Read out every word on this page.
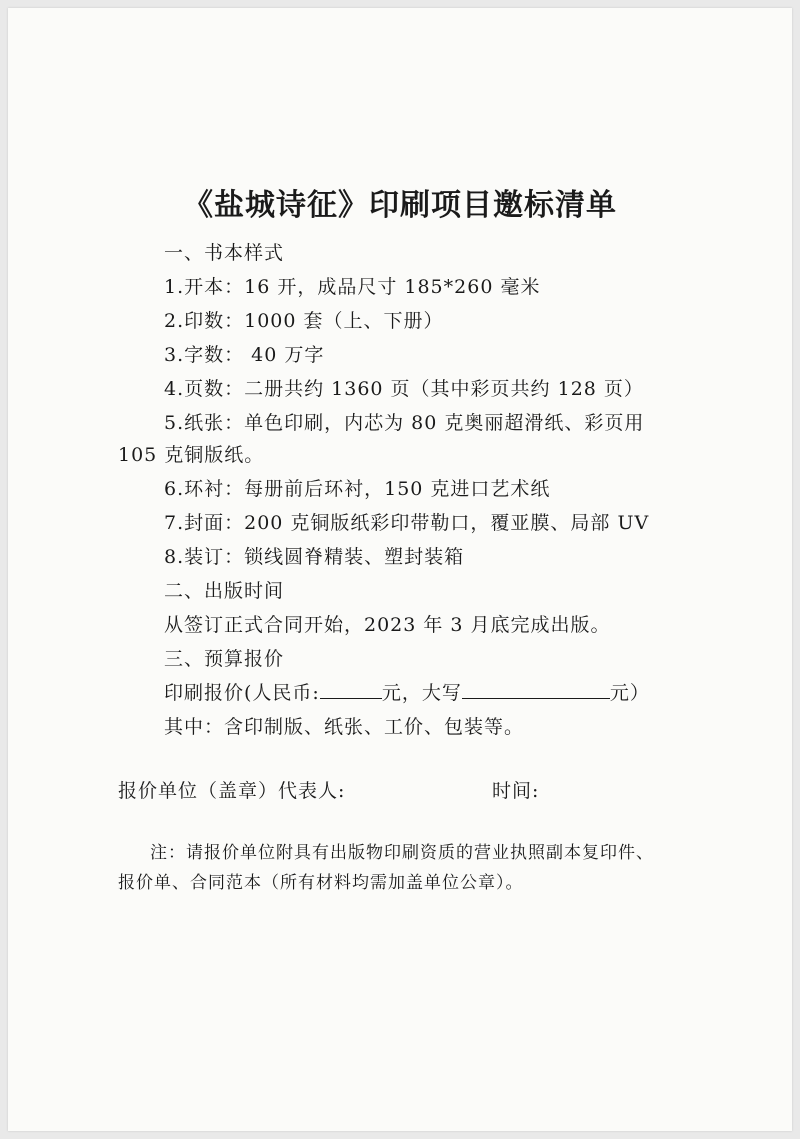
《盐城诗征》印刷项目邀标清单
一、书本样式
1.开本：16 开，成品尺寸 185*260 毫米
2.印数：1000 套（上、下册）
3.字数： 40 万字
4.页数：二册共约 1360 页（其中彩页共约 128 页）
5.纸张：单色印刷，内芯为 80 克奥丽超滑纸、彩页用
105 克铜版纸。
6.环衬：每册前后环衬，150 克进口艺术纸
7.封面：200 克铜版纸彩印带勒口，覆亚膜、局部 UV
8.装订：锁线圆脊精装、塑封装箱
二、出版时间
从签订正式合同开始，2023 年 3 月底完成出版。
三、预算报价
印刷报价(人民币:	元，大写	元）
其中：含印制版、纸张、工价、包装等。
报价单位（盖章）代表人:	时间:
注：请报价单位附具有出版物印刷资质的营业执照副本复印件、
报价单、合同范本（所有材料均需加盖单位公章）。
